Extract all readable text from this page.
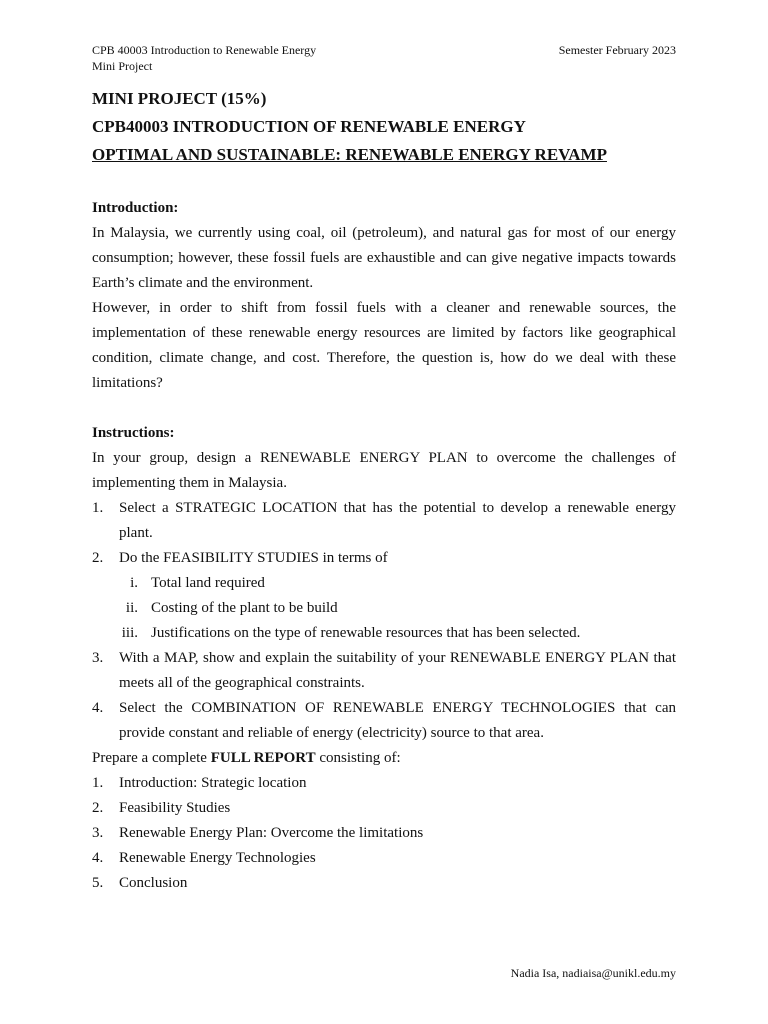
CPB 40003 Introduction to Renewable Energy
Mini Project
Semester February 2023
MINI PROJECT (15%)
CPB40003 INTRODUCTION OF RENEWABLE ENERGY
OPTIMAL AND SUSTAINABLE: RENEWABLE ENERGY REVAMP
Introduction:
In Malaysia, we currently using coal, oil (petroleum), and natural gas for most of our energy consumption; however, these fossil fuels are exhaustible and can give negative impacts towards Earth’s climate and the environment.
However, in order to shift from fossil fuels with a cleaner and renewable sources, the implementation of these renewable energy resources are limited by factors like geographical condition, climate change, and cost. Therefore, the question is, how do we deal with these limitations?
Instructions:
In your group, design a RENEWABLE ENERGY PLAN to overcome the challenges of implementing them in Malaysia.
1. Select a STRATEGIC LOCATION that has the potential to develop a renewable energy plant.
2. Do the FEASIBILITY STUDIES in terms of
i. Total land required
ii. Costing of the plant to be build
iii. Justifications on the type of renewable resources that has been selected.
3. With a MAP, show and explain the suitability of your RENEWABLE ENERGY PLAN that meets all of the geographical constraints.
4. Select the COMBINATION OF RENEWABLE ENERGY TECHNOLOGIES that can provide constant and reliable of energy (electricity) source to that area.
Prepare a complete FULL REPORT consisting of:
1. Introduction: Strategic location
2. Feasibility Studies
3. Renewable Energy Plan: Overcome the limitations
4. Renewable Energy Technologies
5. Conclusion
Nadia Isa, nadiaisa@unikl.edu.my
